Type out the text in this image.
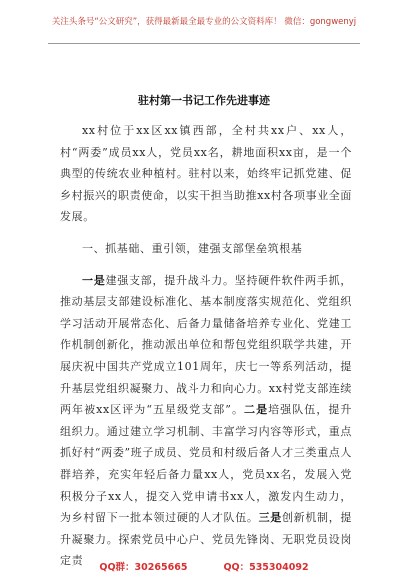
关注头条号“公文研究”，获得最新最全最专业的公文资料库！ 微信：gongwenyj
驻村第一书记工作先进事迹

xx村位于xx区xx镇西部，全村共xx户、xx人，村“两委”成员xx人，党员xx名，耕地面积xx亩，是一个典型的传统农业种植村。驻村以来，始终牢记抓党建、促乡村振兴的职责使命，以实干担当助推xx村各项事业全面发展。

一、抓基础、重引领，建强支部堡垒筑根基

一是建强支部，提升战斗力。坚持硬件软件两手抓，推动基层支部建设标准化、基本制度落实规范化、党组织学习活动开展常态化、后备力量储备培养专业化、党建工作机制创新化，推动派出单位和帮包党组织联学共建，开展庆祝中国共产党成立101周年，庆七一等系列活动，提升基层党组织凝聚力、战斗力和向心力。xx村党支部连续两年被xx区评为“五星级党支部”。二是培强队伍，提升组织力。通过建立学习机制、丰富学习内容等形式，重点抓好村“两委”班子成员、党员和村级后备人才三类重点人群培养，充实年轻后备力量xx人，党员xx名，发展入党积极分子xx人，提交入党申请书xx人，激发内生动力，为乡村留下一批本领过硬的人才队伍。三是创新机制，提升凝聚力。探索党员中心户、党员先锋岗、无职党员设岗定责

QQ群：30265665	QQ：535304092
